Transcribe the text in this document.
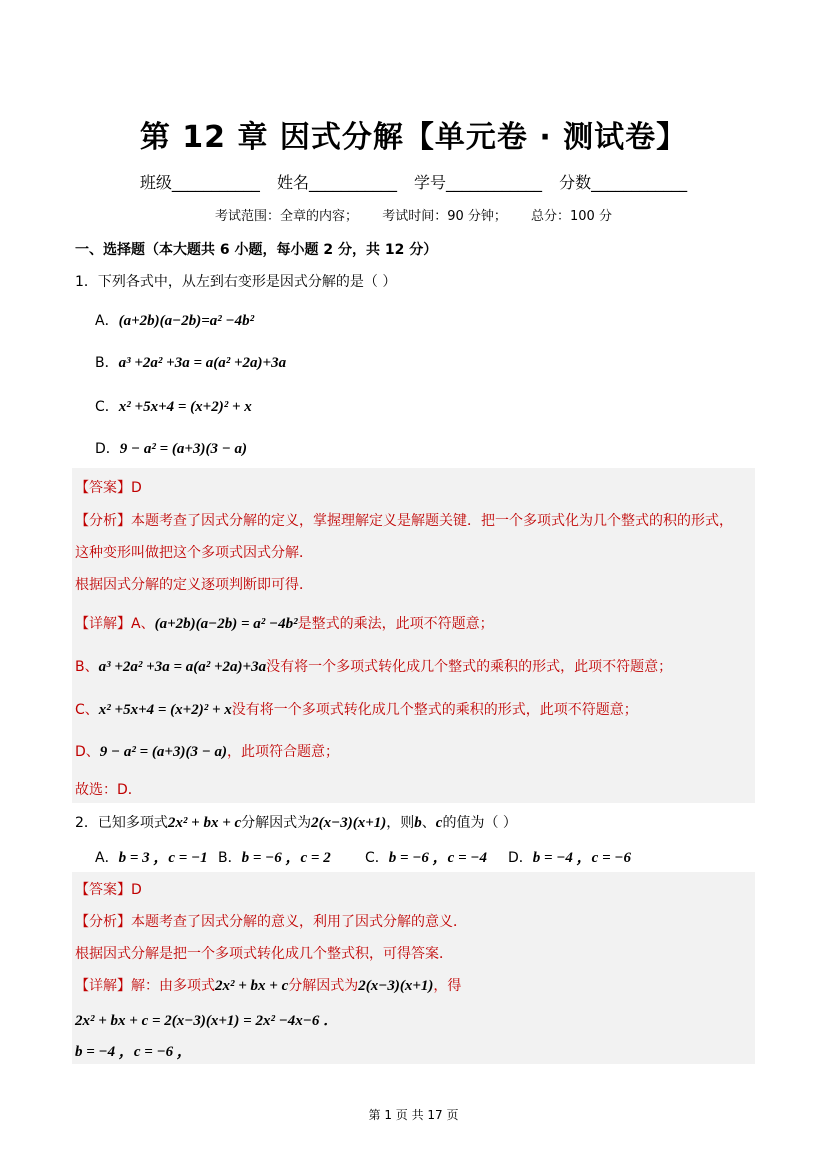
第 12 章 因式分解【单元卷 · 测试卷】
班级___________ 姓名___________ 学号____________ 分数____________
考试范围：全章的内容； 考试时间：90 分钟； 总分：100 分
一、选择题（本大题共 6 小题，每小题 2 分，共 12 分）
1．下列各式中，从左到右变形是因式分解的是（ ）
A．(a+2b)(a−2b)=a² −4b²
B．a³ +2a² +3a = a(a² +2a)+3a
C．x² +5x+4 = (x+2)² + x
D．9 − a² = (a+3)(3 − a)
【答案】D
【分析】本题考查了因式分解的定义，掌握理解定义是解题关键．把一个多项式化为几个整式的积的形式，
这种变形叫做把这个多项式因式分解．
根据因式分解的定义逐项判断即可得．
【详解】A、(a+2b)(a−2b) = a² −4b²是整式的乘法，此项不符题意；
B、a³ +2a² +3a = a(a² +2a)+3a没有将一个多项式转化成几个整式的乘积的形式，此项不符题意；
C、x² +5x+4 = (x+2)² + x没有将一个多项式转化成几个整式的乘积的形式，此项不符题意；
D、9 − a² = (a+3)(3 − a)，此项符合题意；
故选：D．
2．已知多项式2x² + bx + c分解因式为2(x−3)(x+1)，则b、c的值为（ ）
A．b = 3 ，c = −1 B．b = −6 ，c = 2 C．b = −6 ，c = −4 D．b = −4 ，c = −6
【答案】D
【分析】本题考查了因式分解的意义，利用了因式分解的意义．
根据因式分解是把一个多项式转化成几个整式积，可得答案．
【详解】解：由多项式2x² + bx + c分解因式为2(x−3)(x+1)，得
2x² + bx + c = 2(x−3)(x+1) = 2x² −4x−6 ．
b = −4 ，c = −6 ，
第 1 页 共 17 页
